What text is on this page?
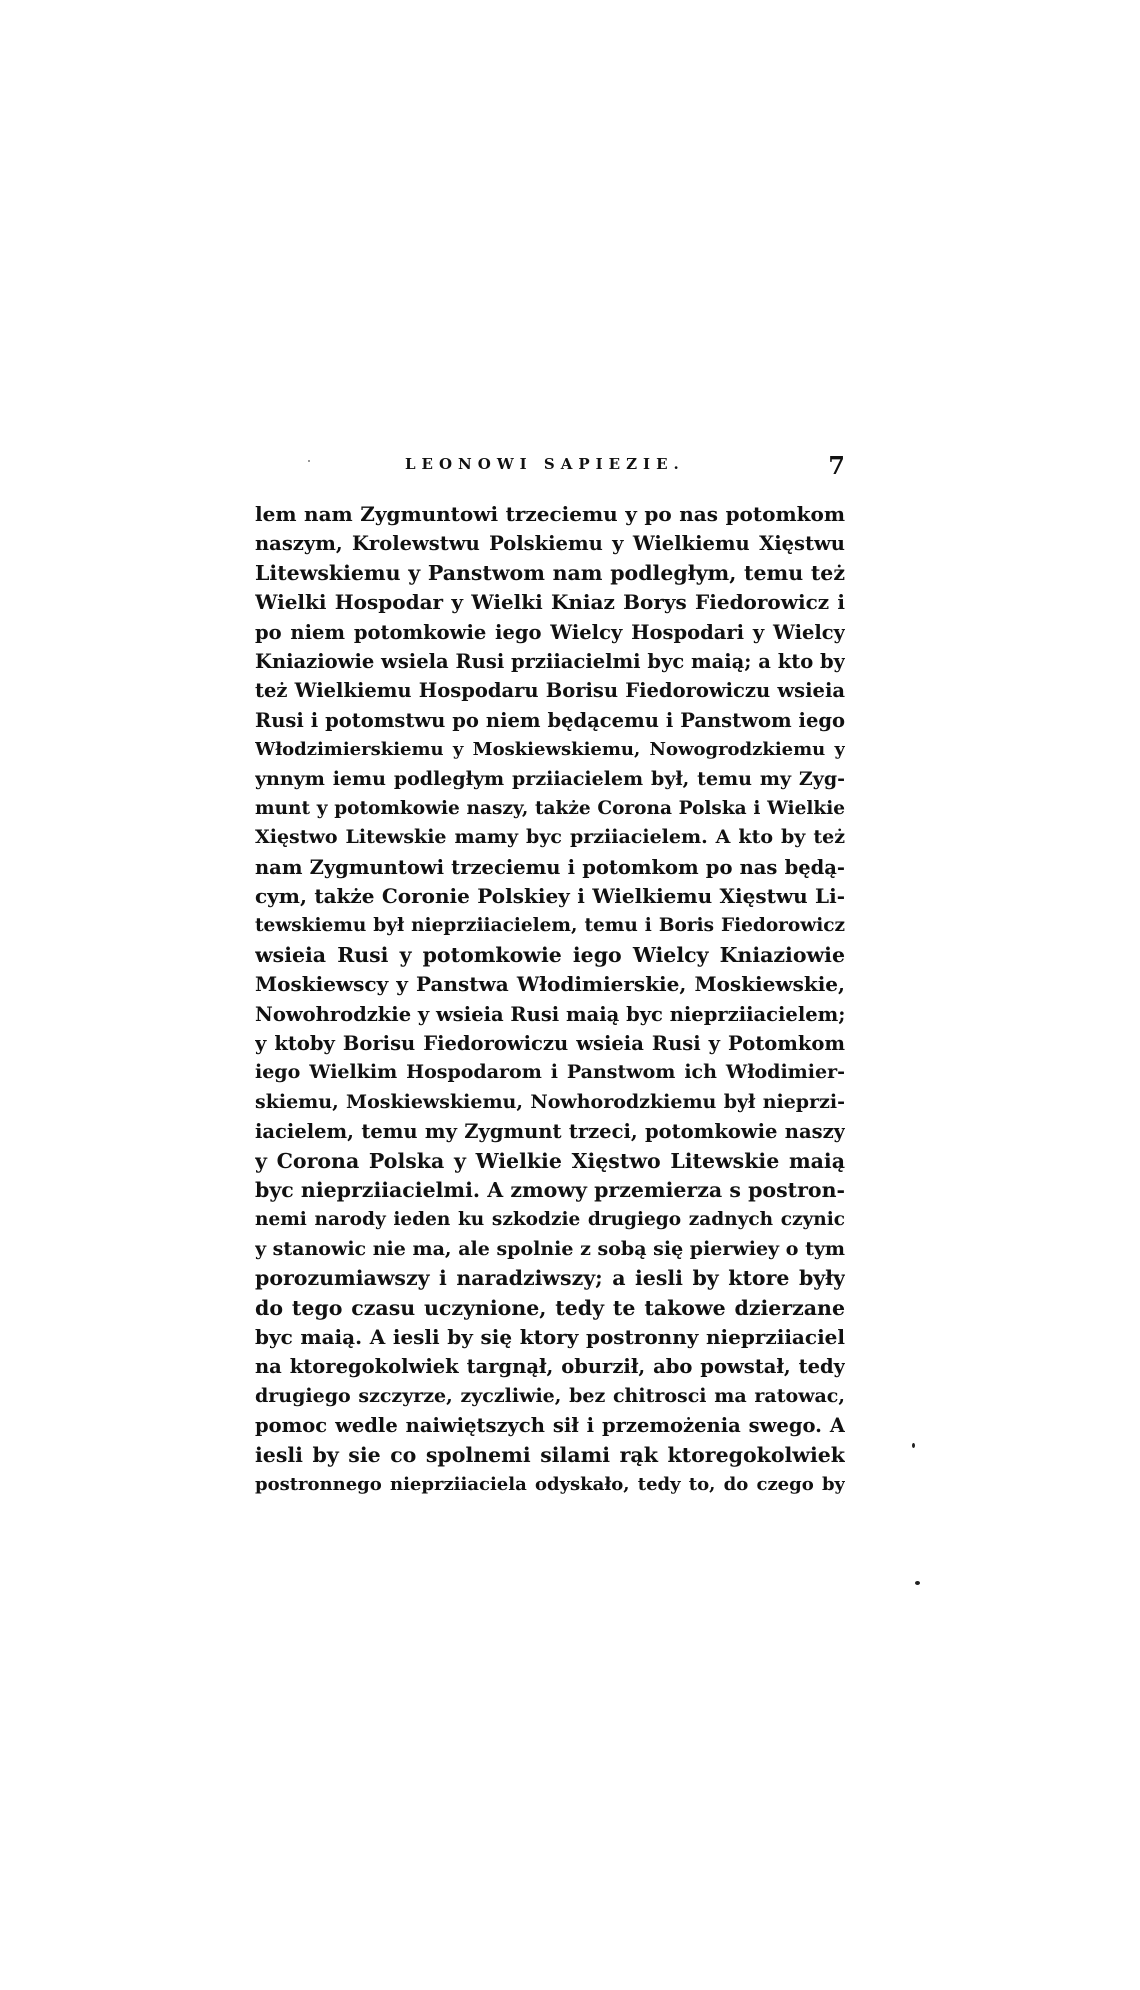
LEONOWI SAPIEZIE.	7
lem nam Zygmuntowi trzeciemu y po nas potomkom
naszym, Krolewstwu Polskiemu y Wielkiemu Xięstwu
Litewskiemu y Panstwom nam podległym, temu też
Wielki Hospodar y Wielki Kniaz Borys Fiedorowicz i
po niem potomkowie iego Wielcy Hospodari y Wielcy
Kniaziowie wsiela Rusi prziiacielmi byc maią; a kto by
też Wielkiemu Hospodaru Borisu Fiedorowiczu wsieia
Rusi i potomstwu po niem będącemu i Panstwom iego
Włodzimierskiemu y Moskiewskiemu, Nowogrodzkiemu y
ynnym iemu podległym prziiacielem był, temu my Zyg-
munt y potomkowie naszy, także Corona Polska i Wielkie
Xięstwo Litewskie mamy byc prziiacielem. A kto by też
nam Zygmuntowi trzeciemu i potomkom po nas będą-
cym, także Coronie Polskiey i Wielkiemu Xięstwu Li-
tewskiemu był nieprziiacielem, temu i Boris Fiedorowicz
wsieia Rusi y potomkowie iego Wielcy Kniaziowie
Moskiewscy y Panstwa Włodimierskie, Moskiewskie,
Nowohrodzkie y wsieia Rusi maią byc nieprziiacielem;
y ktoby Borisu Fiedorowiczu wsieia Rusi y Potomkom
iego Wielkim Hospodarom i Panstwom ich Włodimier-
skiemu, Moskiewskiemu, Nowhorodzkiemu był nieprzi-
iacielem, temu my Zygmunt trzeci, potomkowie naszy
y Corona Polska y Wielkie Xięstwo Litewskie maią
byc nieprziiacielmi. A zmowy przemierza s postron-
nemi narody ieden ku szkodzie drugiego zadnych czynic
y stanowic nie ma, ale spolnie z sobą się pierwiey o tym
porozumiawszy i naradziwszy; a iesli by ktore były
do tego czasu uczynione, tedy te takowe dzierzane
byc maią. A iesli by się ktory postronny nieprziiaciel
na ktoregokolwiek targnął, oburził, abo powstał, tedy
drugiego szczyrze, zyczliwie, bez chitrosci ma ratowac,
pomoc wedle naiwiętszych sił i przemożenia swego. A
iesli by sie co spolnemi silami rąk ktoregokolwiek
postronnego nieprziiaciela odyskało, tedy to, do czego by
